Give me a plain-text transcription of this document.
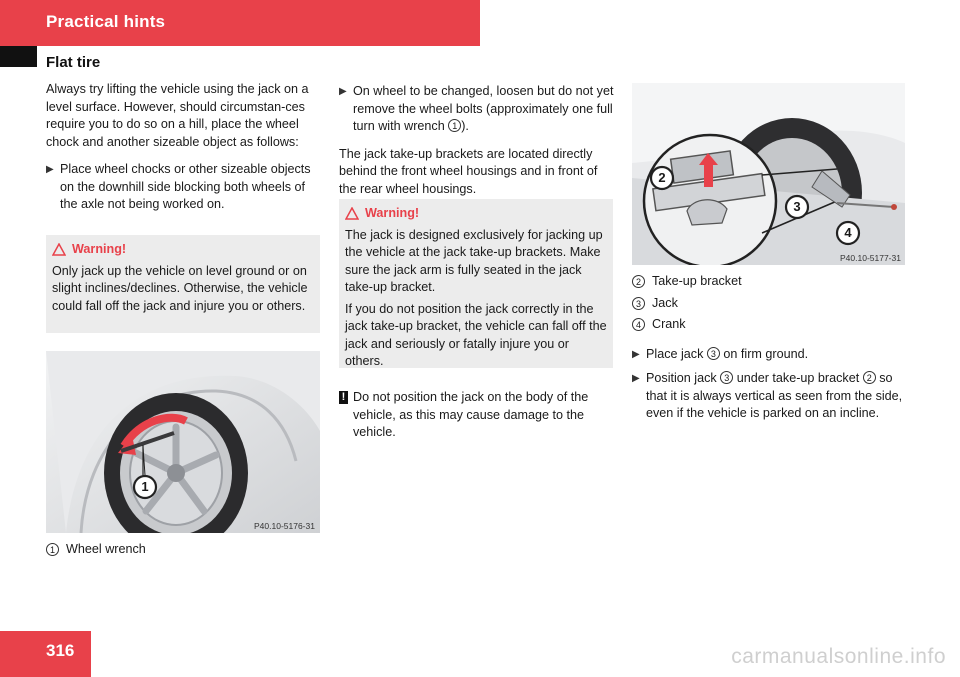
Practical hints
Flat tire

Always try lifting the vehicle using the jack on a level surface. However, should circumstan-ces require you to do so on a hill, place the wheel chock and another sizeable object as follows:

▶ Place wheel chocks or other sizeable objects on the downhill side blocking both wheels of the axle not being worked on.
Warning!

Only jack up the vehicle on level ground or on slight inclines/declines. Otherwise, the vehicle could fall off the jack and injure you or others.

1
P40.10-5176-31
1 Wheel wrench
▶ On wheel to be changed, loosen but do not yet remove the wheel bolts (approximately one full turn with wrench 1 ).

The jack take-up brackets are located directly behind the front wheel housings and in front of the rear wheel housings.

Warning!

The jack is designed exclusively for jacking up the vehicle at the jack take-up brackets. Make sure the jack arm is fully seated in the jack take-up bracket.

If you do not position the jack correctly in the jack take-up bracket, the vehicle can fall off the jack and seriously or fatally injure you or others.

! Do not position the jack on the body of the vehicle, as this may cause damage to the vehicle.
2
3
4
P40.10-5177-31
2 Take-up bracket
3 Jack
4 Crank
▶ Place jack 3 on firm ground.
▶ Position jack 3 under take-up bracket 2 so that it is always vertical as seen from the side, even if the vehicle is parked on an incline.
316	carmanualsonline.info
